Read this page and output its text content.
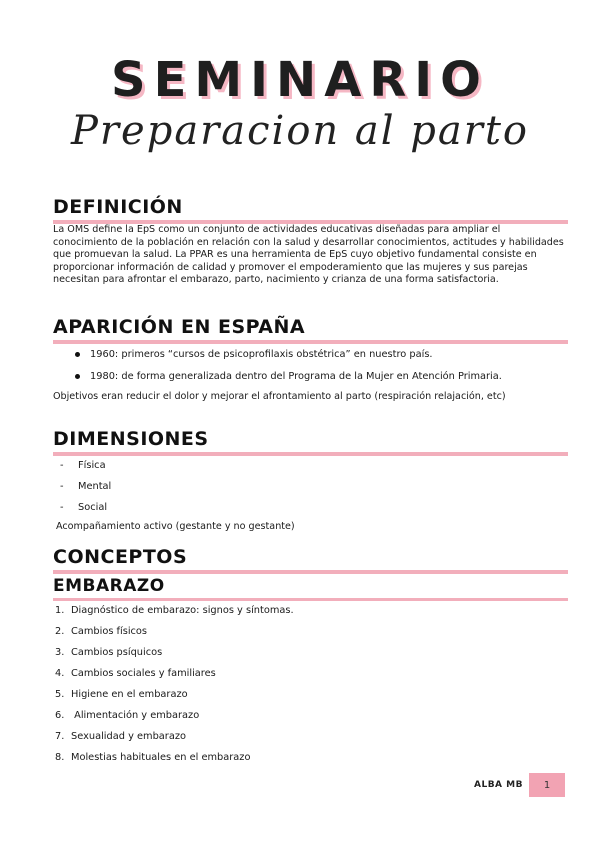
SEMINARIO
Preparacion al parto
DEFINICIÓN
La OMS define la EpS como un conjunto de actividades educativas diseñadas para ampliar el conocimiento de la población en relación con la salud y desarrollar conocimientos, actitudes y habilidades que promuevan la salud. La PPAR es una herramienta de EpS cuyo objetivo fundamental consiste en proporcionar información de calidad y promover el empoderamiento que las mujeres y sus parejas necesitan para afrontar el embarazo, parto, nacimiento y crianza de una forma satisfactoria.
APARICIÓN EN ESPAÑA
1960: primeros “cursos de psicoprofilaxis obstétrica” en nuestro país.
1980: de forma generalizada dentro del Programa de la Mujer en Atención Primaria.
Objetivos eran reducir el dolor y mejorar el afrontamiento al parto (respiración relajación, etc)
DIMENSIONES
- Física
- Mental
- Social
Acompañamiento activo (gestante y no gestante)
CONCEPTOS
EMBARAZO
1. Diagnóstico de embarazo: signos y síntomas.
2. Cambios físicos
3. Cambios psíquicos
4. Cambios sociales y familiares
5. Higiene en el embarazo
6. Alimentación y embarazo
7. Sexualidad y embarazo
8. Molestias habituales en el embarazo
ALBA MB 1
